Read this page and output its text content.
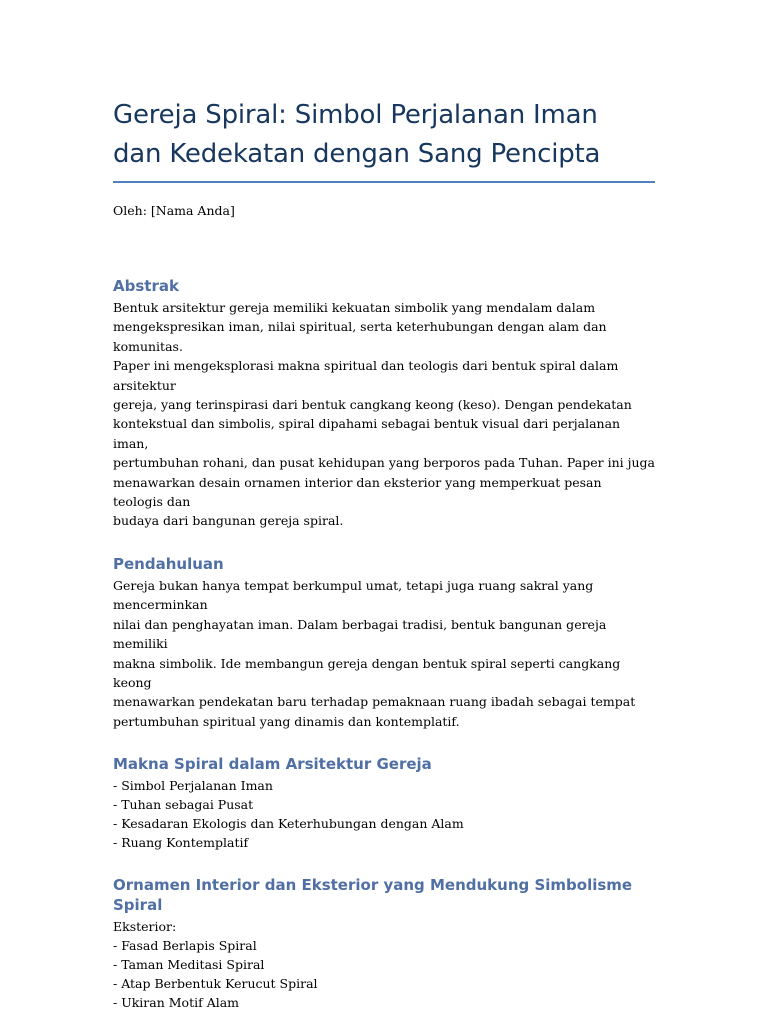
Gereja Spiral: Simbol Perjalanan Iman
dan Kedekatan dengan Sang Pencipta
Oleh: [Nama Anda]
Abstrak
Bentuk arsitektur gereja memiliki kekuatan simbolik yang mendalam dalam
mengekspresikan iman, nilai spiritual, serta keterhubungan dengan alam dan komunitas.
Paper ini mengeksplorasi makna spiritual dan teologis dari bentuk spiral dalam arsitektur
gereja, yang terinspirasi dari bentuk cangkang keong (keso). Dengan pendekatan
kontekstual dan simbolis, spiral dipahami sebagai bentuk visual dari perjalanan iman,
pertumbuhan rohani, dan pusat kehidupan yang berporos pada Tuhan. Paper ini juga
menawarkan desain ornamen interior dan eksterior yang memperkuat pesan teologis dan
budaya dari bangunan gereja spiral.
Pendahuluan
Gereja bukan hanya tempat berkumpul umat, tetapi juga ruang sakral yang mencerminkan
nilai dan penghayatan iman. Dalam berbagai tradisi, bentuk bangunan gereja memiliki
makna simbolik. Ide membangun gereja dengan bentuk spiral seperti cangkang keong
menawarkan pendekatan baru terhadap pemaknaan ruang ibadah sebagai tempat
pertumbuhan spiritual yang dinamis dan kontemplatif.
Makna Spiral dalam Arsitektur Gereja
- Simbol Perjalanan Iman
- Tuhan sebagai Pusat
- Kesadaran Ekologis dan Keterhubungan dengan Alam
- Ruang Kontemplatif
Ornamen Interior dan Eksterior yang Mendukung Simbolisme Spiral
Eksterior:
- Fasad Berlapis Spiral
- Taman Meditasi Spiral
- Atap Berbentuk Kerucut Spiral
- Ukiran Motif Alam
